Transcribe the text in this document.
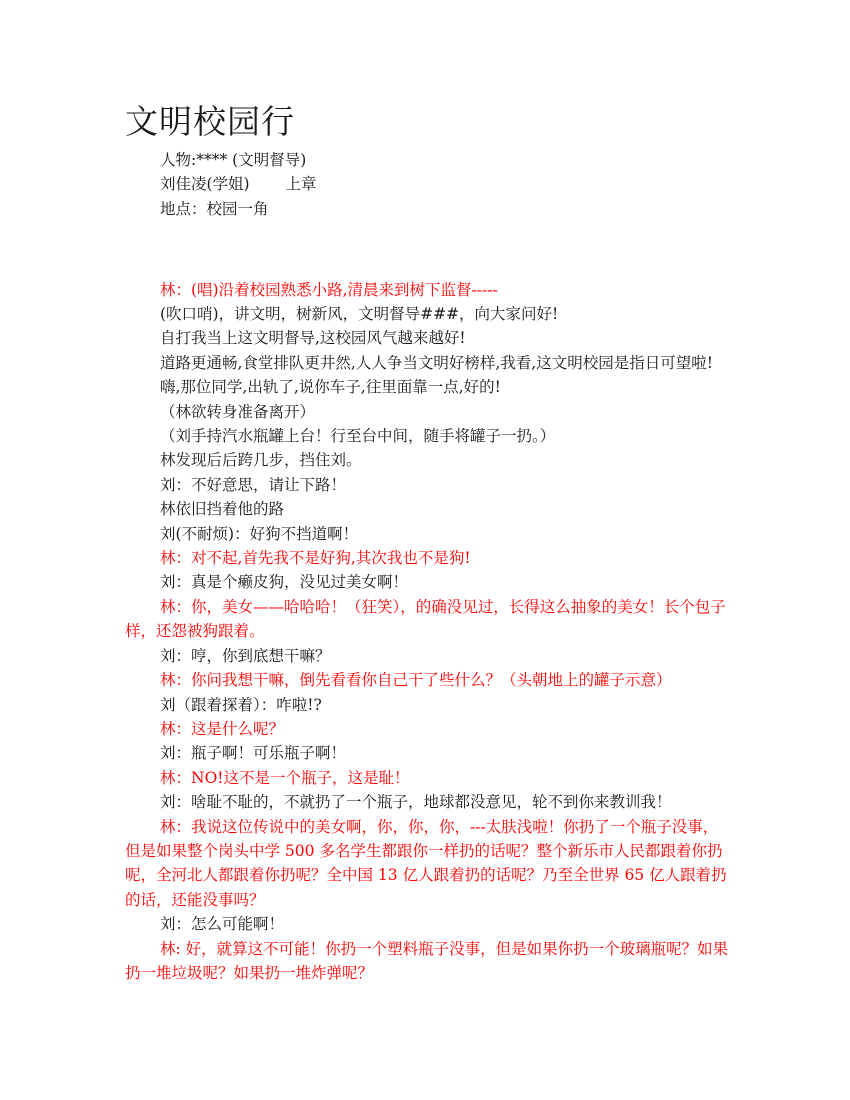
文明校园行

人物:**** (文明督导)

刘佳凌(学姐)　　 上章

地点：校园一角

林：(唱)沿着校园熟悉小路,清晨来到树下监督-----

(吹口哨)，讲文明，树新风，文明督导###，向大家问好!

自打我当上这文明督导,这校园风气越来越好!

道路更通畅,食堂排队更井然,人人争当文明好榜样,我看,这文明校园是指日可望啦!

嗨,那位同学,出轨了,说你车子,往里面靠一点,好的!

（林欲转身准备离开）

（刘手持汽水瓶罐上台！行至台中间，随手将罐子一扔。）

林发现后后跨几步，挡住刘。

刘：不好意思，请让下路！

林依旧挡着他的路

刘(不耐烦)：好狗不挡道啊！

林：对不起,首先我不是好狗,其次我也不是狗!

刘：真是个癞皮狗，没见过美女啊！

林：你，美女——哈哈哈！（狂笑），的确没见过，长得这么抽象的美女！长个包子样，还怨被狗跟着。

刘：哼，你到底想干嘛？

林：你问我想干嘛，倒先看看你自己干了些什么？（头朝地上的罐子示意）

刘（跟着探着）：咋啦!?

林：这是什么呢？

刘：瓶子啊！可乐瓶子啊！

林：NO!这不是一个瓶子，这是耻！

刘：啥耻不耻的，不就扔了一个瓶子，地球都没意见，轮不到你来教训我！

林：我说这位传说中的美女啊，你，你，你，---太肤浅啦！你扔了一个瓶子没事，但是如果整个岗头中学 500 多名学生都跟你一样扔的话呢？整个新乐市人民都跟着你扔呢，全河北人都跟着你扔呢？全中国 13 亿人跟着扔的话呢？乃至全世界 65 亿人跟着扔的话，还能没事吗？

刘：怎么可能啊！

林: 好，就算这不可能！你扔一个塑料瓶子没事，但是如果你扔一个玻璃瓶呢？如果扔一堆垃圾呢？如果扔一堆炸弹呢？
